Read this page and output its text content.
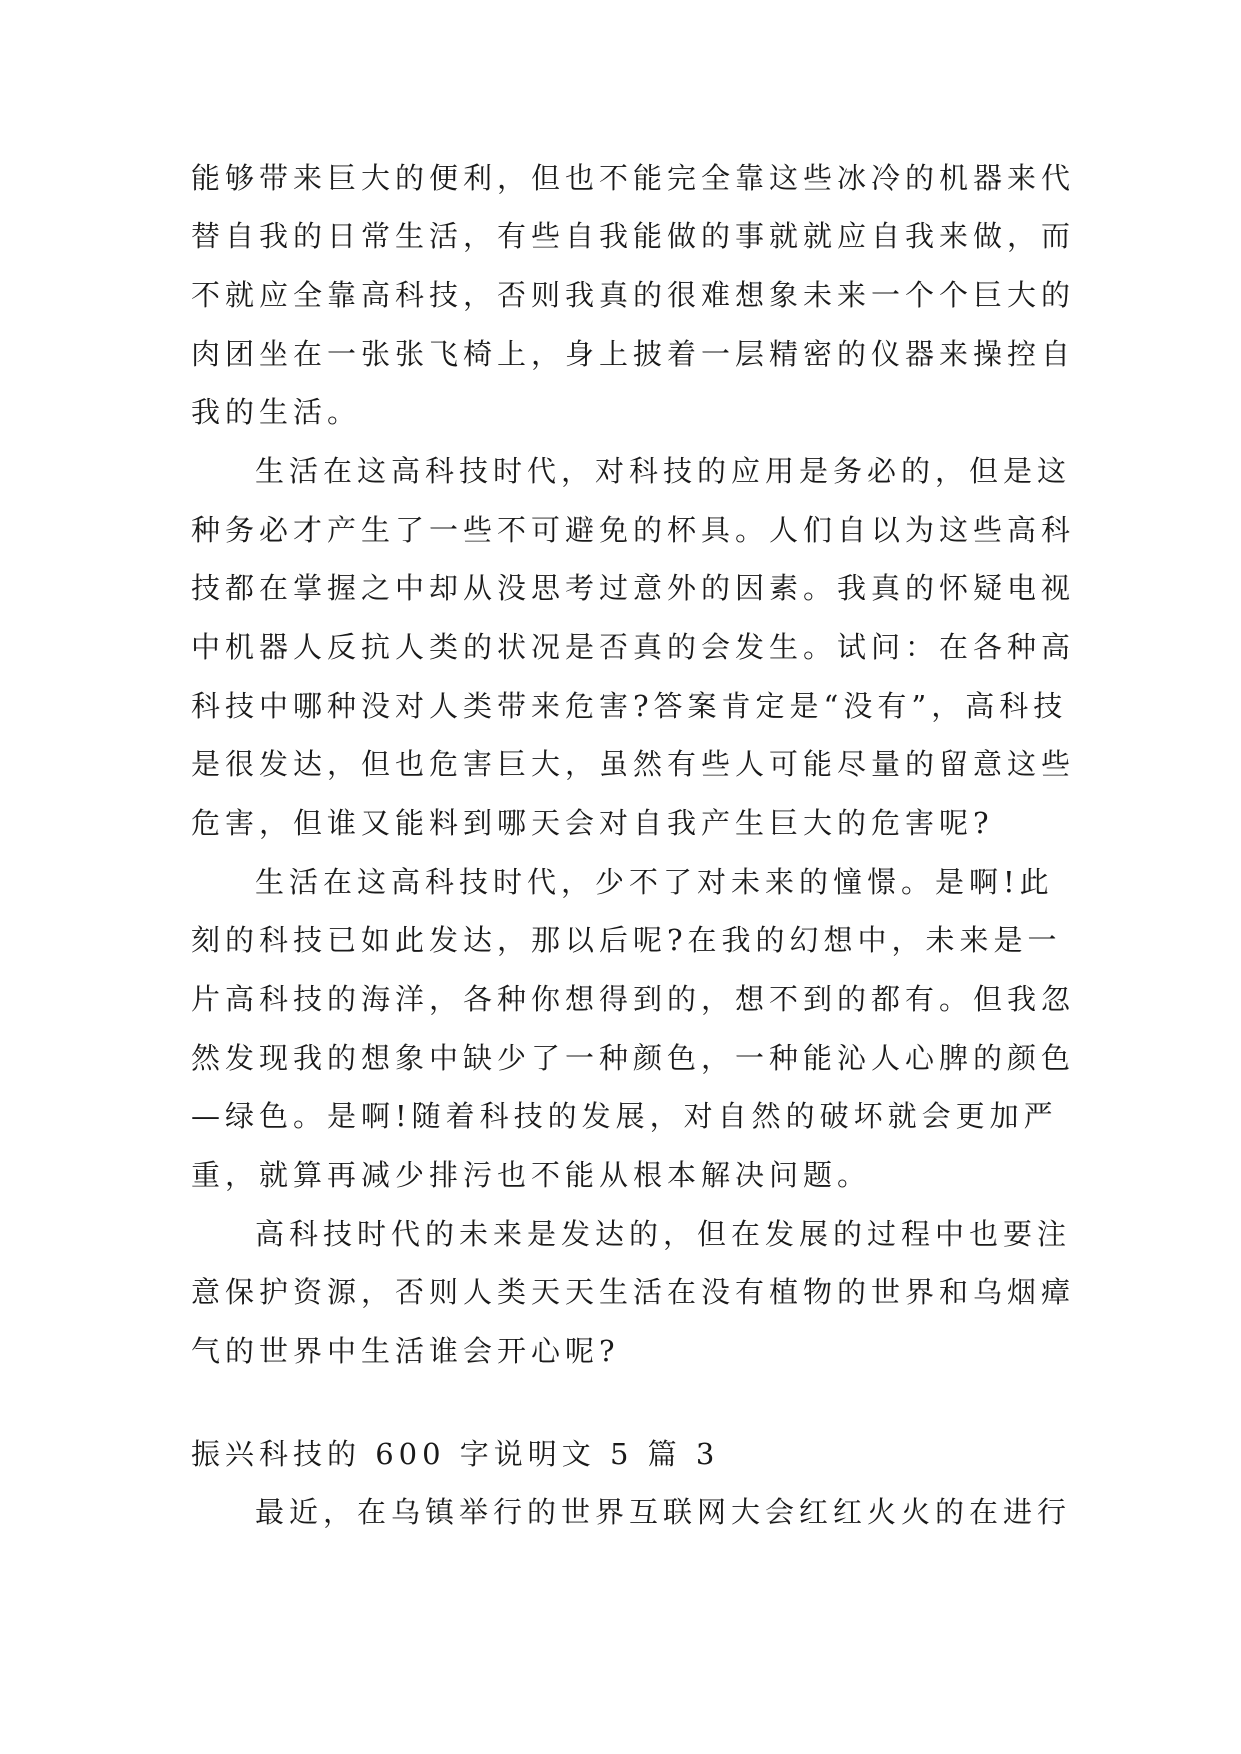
能够带来巨大的便利，但也不能完全靠这些冰冷的机器来代
替自我的日常生活，有些自我能做的事就就应自我来做，而
不就应全靠高科技，否则我真的很难想象未来一个个巨大的
肉团坐在一张张飞椅上，身上披着一层精密的仪器来操控自
我的生活。
生活在这高科技时代，对科技的应用是务必的，但是这
种务必才产生了一些不可避免的杯具。人们自以为这些高科
技都在掌握之中却从没思考过意外的因素。我真的怀疑电视
中机器人反抗人类的状况是否真的会发生。试问：在各种高
科技中哪种没对人类带来危害?答案肯定是“没有”，高科技
是很发达，但也危害巨大，虽然有些人可能尽量的留意这些
危害，但谁又能料到哪天会对自我产生巨大的危害呢?
生活在这高科技时代，少不了对未来的憧憬。是啊!此
刻的科技已如此发达，那以后呢?在我的幻想中，未来是一
片高科技的海洋，各种你想得到的，想不到的都有。但我忽
然发现我的想象中缺少了一种颜色，一种能沁人心脾的颜色
—绿色。是啊!随着科技的发展，对自然的破坏就会更加严
重，就算再减少排污也不能从根本解决问题。
高科技时代的未来是发达的，但在发展的过程中也要注
意保护资源，否则人类天天生活在没有植物的世界和乌烟瘴
气的世界中生活谁会开心呢?
振兴科技的 600 字说明文 5 篇 3
最近，在乌镇举行的世界互联网大会红红火火的在进行
